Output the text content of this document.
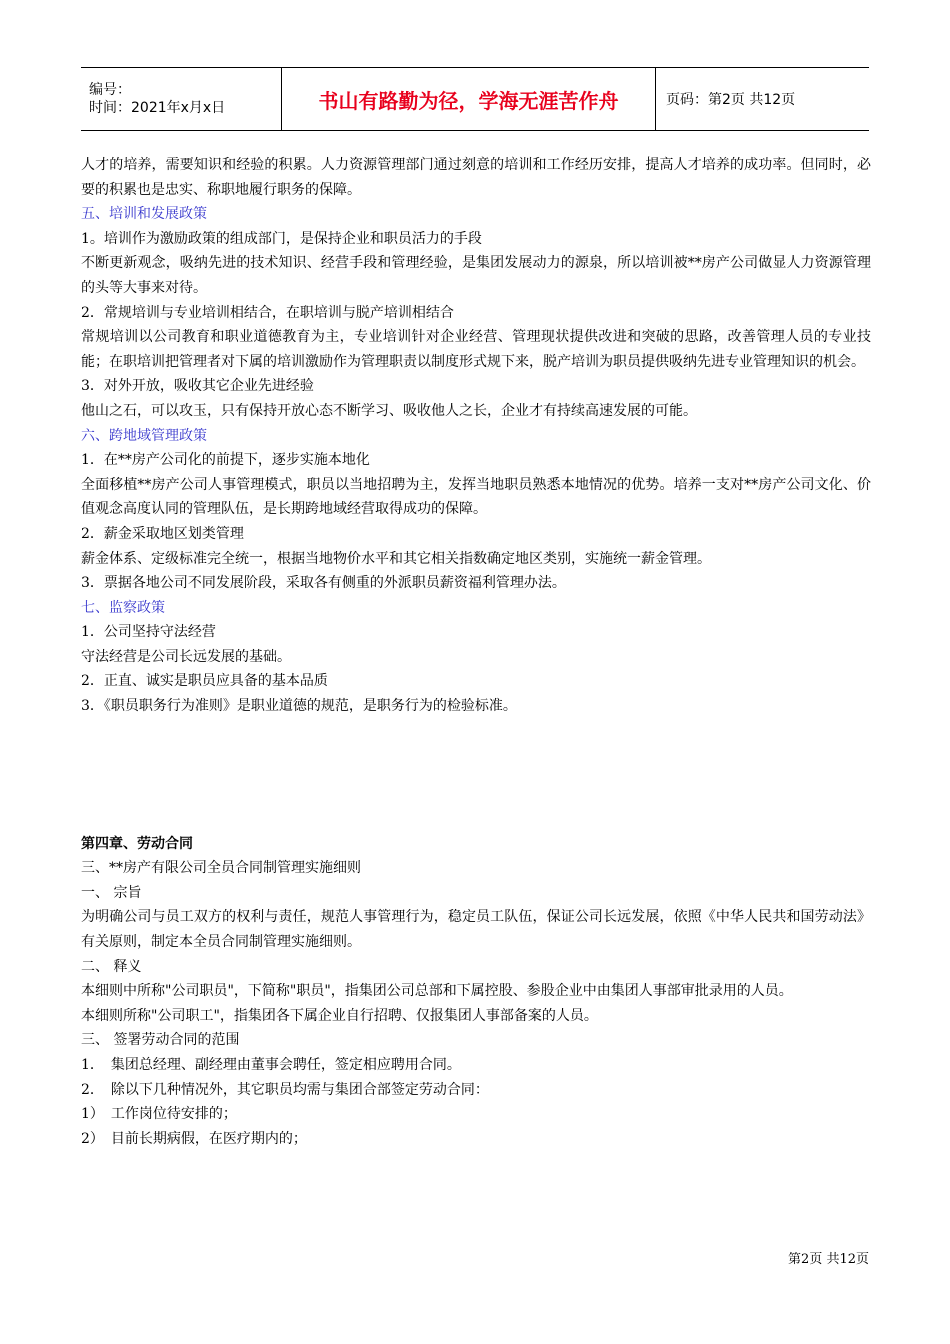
编号：
时间：2021年x月x日	书山有路勤为径，学海无涯苦作舟	页码：第2页 共12页

人才的培养，需要知识和经验的积累。人力资源管理部门通过刻意的培训和工作经历安排，提高人才培养的成功率。但同时，必要的积累也是忠实、称职地履行职务的保障。

五、培训和发展政策

1。培训作为激励政策的组成部门，是保持企业和职员活力的手段

不断更新观念，吸纳先进的技术知识、经营手段和管理经验，是集团发展动力的源泉，所以培训被**房产公司做显人力资源管理的头等大事来对待。

2．常规培训与专业培训相结合，在职培训与脱产培训相结合

常规培训以公司教育和职业道德教育为主，专业培训针对企业经营、管理现状提供改进和突破的思路，改善管理人员的专业技能；在职培训把管理者对下属的培训激励作为管理职责以制度形式规下来，脱产培训为职员提供吸纳先进专业管理知识的机会。

3．对外开放，吸收其它企业先进经验

他山之石，可以攻玉，只有保持开放心态不断学习、吸收他人之长，企业才有持续高速发展的可能。

六、跨地域管理政策

1．在**房产公司化的前提下，逐步实施本地化

全面移植**房产公司人事管理模式，职员以当地招聘为主，发挥当地职员熟悉本地情况的优势。培养一支对**房产公司文化、价值观念高度认同的管理队伍，是长期跨地域经营取得成功的保障。

2．薪金采取地区划类管理

薪金体系、定级标准完全统一，根据当地物价水平和其它相关指数确定地区类别，实施统一薪金管理。

3．票据各地公司不同发展阶段，采取各有侧重的外派职员薪资福利管理办法。

七、监察政策

1．公司坚持守法经营

守法经营是公司长远发展的基础。

2．正直、诚实是职员应具备的基本品质

3．《职员职务行为准则》是职业道德的规范，是职务行为的检验标准。

第四章、劳动合同

三、**房产有限公司全员合同制管理实施细则

一、 宗旨

为明确公司与员工双方的权利与责任，规范人事管理行为，稳定员工队伍，保证公司长远发展，依照《中华人民共和国劳动法》有关原则，制定本全员合同制管理实施细则。

二、 释义

本细则中所称"公司职员"，下简称"职员"，指集团公司总部和下属控股、参股企业中由集团人事部审批录用的人员。

本细则所称"公司职工"，指集团各下属企业自行招聘、仅报集团人事部备案的人员。

三、 签署劳动合同的范围

1．　集团总经理、副经理由董事会聘任，签定相应聘用合同。

2．　除以下几种情况外，其它职员均需与集团合部签定劳动合同：

1）　工作岗位待安排的；

2）　目前长期病假，在医疗期内的；

第2页 共12页
